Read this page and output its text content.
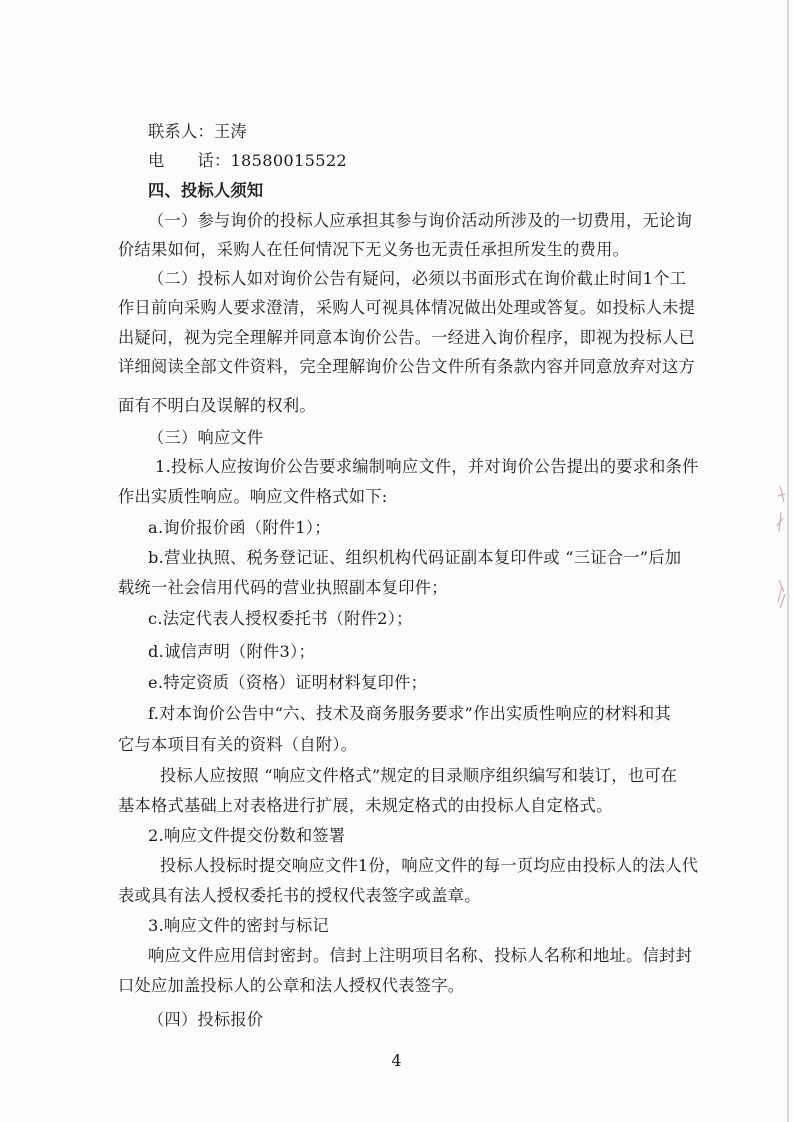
联系人：王涛
电　　话：18580015522
四、投标人须知
（一）参与询价的投标人应承担其参与询价活动所涉及的一切费用，无论询
价结果如何，采购人在任何情况下无义务也无责任承担所发生的费用。
（二）投标人如对询价公告有疑问，必须以书面形式在询价截止时间1个工
作日前向采购人要求澄清，采购人可视具体情况做出处理或答复。如投标人未提
出疑问，视为完全理解并同意本询价公告。一经进入询价程序，即视为投标人已
详细阅读全部文件资料，完全理解询价公告文件所有条款内容并同意放弃对这方
面有不明白及误解的权利。
（三）响应文件
1.投标人应按询价公告要求编制响应文件，并对询价公告提出的要求和条件
作出实质性响应。响应文件格式如下:
a.询价报价函（附件1）；
b.营业执照、税务登记证、组织机构代码证副本复印件或 “三证合一”后加
载统一社会信用代码的营业执照副本复印件；
c.法定代表人授权委托书（附件2）；
d.诚信声明（附件3）；
e.特定资质（资格）证明材料复印件；
f.对本询价公告中“六、技术及商务服务要求”作出实质性响应的材料和其
它与本项目有关的资料（自附）。
投标人应按照 “响应文件格式”规定的目录顺序组织编写和装订，也可在
基本格式基础上对表格进行扩展，未规定格式的由投标人自定格式。
2.响应文件提交份数和签署
投标人投标时提交响应文件1份，响应文件的每一页均应由投标人的法人代
表或具有法人授权委托书的授权代表签字或盖章。
3.响应文件的密封与标记
响应文件应用信封密封。信封上注明项目名称、投标人名称和地址。信封封
口处应加盖投标人的公章和法人授权代表签字。
（四）投标报价
4
